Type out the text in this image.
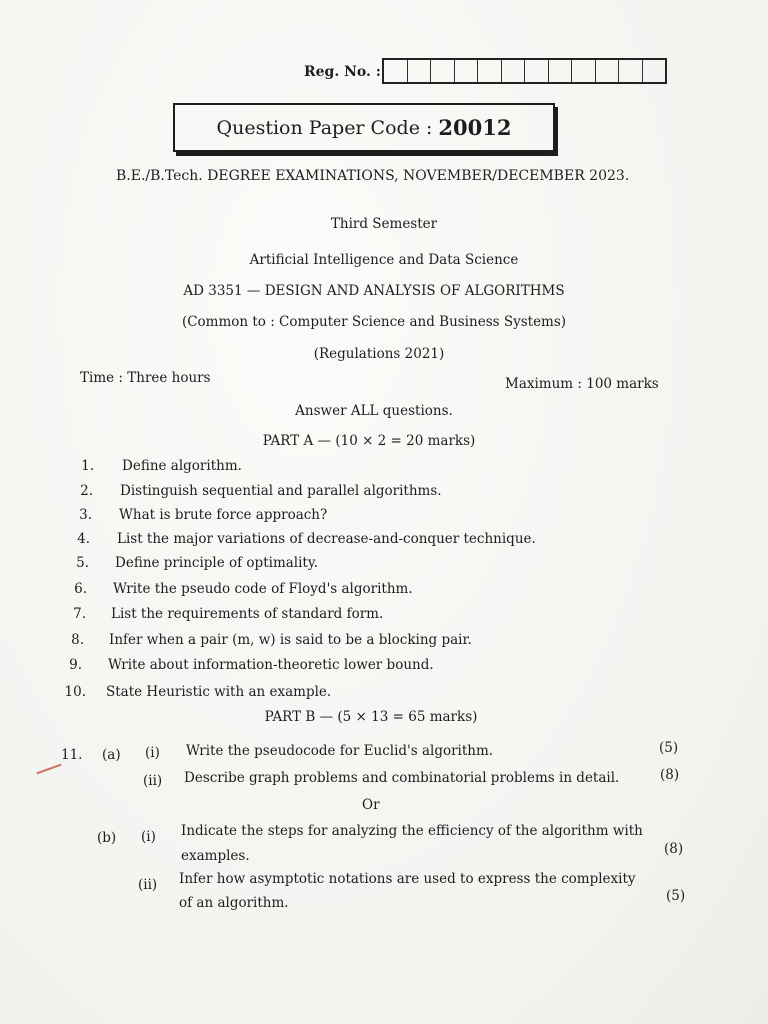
Reg. No. :
Question Paper Code : 20012
B.E./B.Tech. DEGREE EXAMINATIONS, NOVEMBER/DECEMBER 2023.
Third Semester
Artificial Intelligence and Data Science
AD 3351 — DESIGN AND ANALYSIS OF ALGORITHMS
(Common to : Computer Science and Business Systems)
(Regulations 2021)
Time : Three hours	Maximum : 100 marks
Answer ALL questions.
PART A — (10 × 2 = 20 marks)
1. Define algorithm.
2. Distinguish sequential and parallel algorithms.
3. What is brute force approach?
4. List the major variations of decrease-and-conquer technique.
5. Define principle of optimality.
6. Write the pseudo code of Floyd's algorithm.
7. List the requirements of standard form.
8. Infer when a pair (m, w) is said to be a blocking pair.
9. Write about information-theoretic lower bound.
10. State Heuristic with an example.
PART B — (5 × 13 = 65 marks)
11. (a) (i) Write the pseudocode for Euclid's algorithm.	(5)
(ii) Describe graph problems and combinatorial problems in detail.	(8)
Or
(b) (i) Indicate the steps for analyzing the efficiency of the algorithm with
examples.	(8)
(ii) Infer how asymptotic notations are used to express the complexity
of an algorithm.	(5)
